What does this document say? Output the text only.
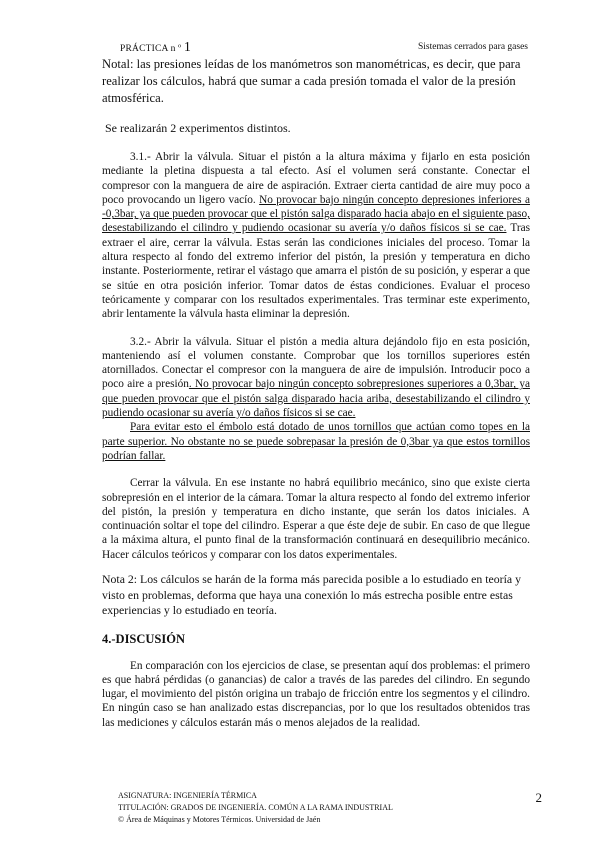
PRÁCTICA n º 1	Sistemas cerrados para gases

Notal: las presiones leídas de los manómetros son manométricas, es decir, que para realizar los cálculos, habrá que sumar a cada presión tomada el valor de la presión atmosférica.

Se realizarán 2 experimentos distintos.

3.1.- Abrir la válvula. Situar el pistón a la altura máxima y fijarlo en esta posición mediante la pletina dispuesta a tal efecto. Así el volumen será constante. Conectar el compresor con la manguera de aire de aspiración. Extraer cierta cantidad de aire muy poco a poco provocando un ligero vacío. No provocar bajo ningún concepto depresiones inferiores a -0,3bar, ya que pueden provocar que el pistón salga disparado hacia abajo en el siguiente paso, desestabilizando el cilindro y pudiendo ocasionar su avería y/o daños físicos si se cae. Tras extraer el aire, cerrar la válvula. Estas serán las condiciones iniciales del proceso. Tomar la altura respecto al fondo del extremo inferior del pistón, la presión y temperatura en dicho instante. Posteriormente, retirar el vástago que amarra el pistón de su posición, y esperar a que se sitúe en otra posición inferior. Tomar datos de éstas condiciones. Evaluar el proceso teóricamente y comparar con los resultados experimentales. Tras terminar este experimento, abrir lentamente la válvula hasta eliminar la depresión.

3.2.- Abrir la válvula. Situar el pistón a media altura dejándolo fijo en esta posición, manteniendo así el volumen constante. Comprobar que los tornillos superiores estén atornillados. Conectar el compresor con la manguera de aire de impulsión. Introducir poco a poco aire a presión. No provocar bajo ningún concepto sobrepresiones superiores a 0,3bar, ya que pueden provocar que el pistón salga disparado hacia ariba, desestabilizando el cilindro y pudiendo ocasionar su avería y/o daños físicos si se cae.

Para evitar esto el émbolo está dotado de unos tornillos que actúan como topes en la parte superior. No obstante no se puede sobrepasar la presión de 0,3bar ya que estos tornillos podrían fallar.

Cerrar la válvula. En ese instante no habrá equilibrio mecánico, sino que existe cierta sobrepresión en el interior de la cámara. Tomar la altura respecto al fondo del extremo inferior del pistón, la presión y temperatura en dicho instante, que serán los datos iniciales. A continuación soltar el tope del cilindro. Esperar a que éste deje de subir. En caso de que llegue a la máxima altura, el punto final de la transformación continuará en desequilibrio mecánico. Hacer cálculos teóricos y comparar con los datos experimentales.

Nota 2: Los cálculos se harán de la forma más parecida posible a lo estudiado en teoría y visto en problemas, deforma que haya una conexión lo más estrecha posible entre estas experiencias y lo estudiado en teoría.

4.-DISCUSIÓN

En comparación con los ejercicios de clase, se presentan aquí dos problemas: el primero es que habrá pérdidas (o ganancias) de calor a través de las paredes del cilindro. En segundo lugar, el movimiento del pistón origina un trabajo de fricción entre los segmentos y el cilindro. En ningún caso se han analizado estas discrepancias, por lo que los resultados obtenidos tras las mediciones y cálculos estarán más o menos alejados de la realidad.

ASIGNATURA: INGENIERÍA TÉRMICA
TITULACIÓN: GRADOS DE INGENIERÍA. COMÚN A LA RAMA INDUSTRIAL
© Área de Máquinas y Motores Térmicos. Universidad de Jaén
2
